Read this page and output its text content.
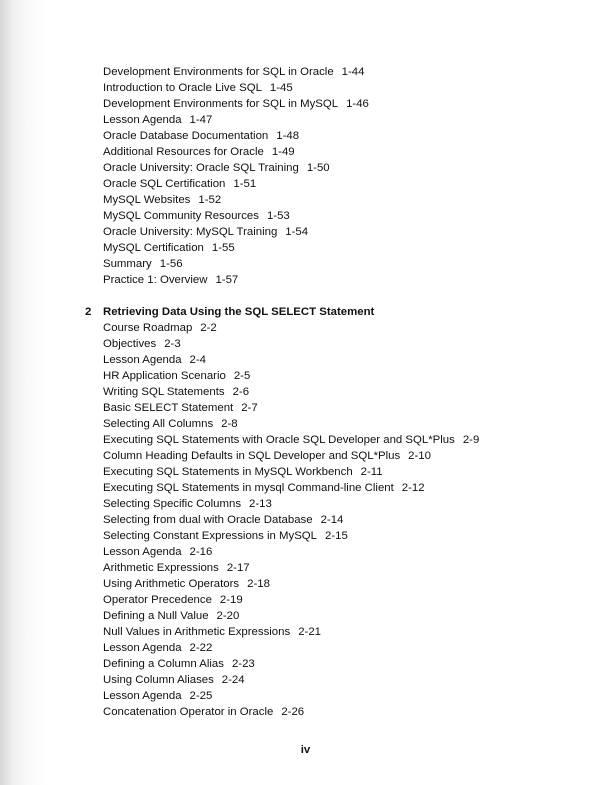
Development Environments for SQL in Oracle 1-44
Introduction to Oracle Live SQL 1-45
Development Environments for SQL in MySQL 1-46
Lesson Agenda 1-47
Oracle Database Documentation 1-48
Additional Resources for Oracle 1-49
Oracle University: Oracle SQL Training 1-50
Oracle SQL Certification 1-51
MySQL Websites 1-52
MySQL Community Resources 1-53
Oracle University: MySQL Training 1-54
MySQL Certification 1-55
Summary 1-56
Practice 1: Overview 1-57
2 Retrieving Data Using the SQL SELECT Statement
Course Roadmap 2-2
Objectives 2-3
Lesson Agenda 2-4
HR Application Scenario 2-5
Writing SQL Statements 2-6
Basic SELECT Statement 2-7
Selecting All Columns 2-8
Executing SQL Statements with Oracle SQL Developer and SQL*Plus 2-9
Column Heading Defaults in SQL Developer and SQL*Plus 2-10
Executing SQL Statements in MySQL Workbench 2-11
Executing SQL Statements in mysql Command-line Client 2-12
Selecting Specific Columns 2-13
Selecting from dual with Oracle Database 2-14
Selecting Constant Expressions in MySQL 2-15
Lesson Agenda 2-16
Arithmetic Expressions 2-17
Using Arithmetic Operators 2-18
Operator Precedence 2-19
Defining a Null Value 2-20
Null Values in Arithmetic Expressions 2-21
Lesson Agenda 2-22
Defining a Column Alias 2-23
Using Column Aliases 2-24
Lesson Agenda 2-25
Concatenation Operator in Oracle 2-26
iv
